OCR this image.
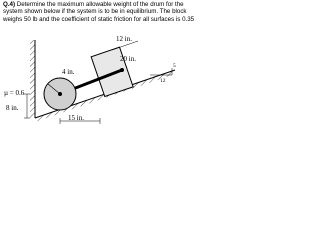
Q.4) Determine the maximum allowable weight of the drum for the system shown below if the system is to be in equilibrium. The block weighs 50 lb and the coefficient of static friction for all surfaces is 0.35
4 in.
12 in.
20 in.
5
12
µ = 0.6
8 in.
15 in.
